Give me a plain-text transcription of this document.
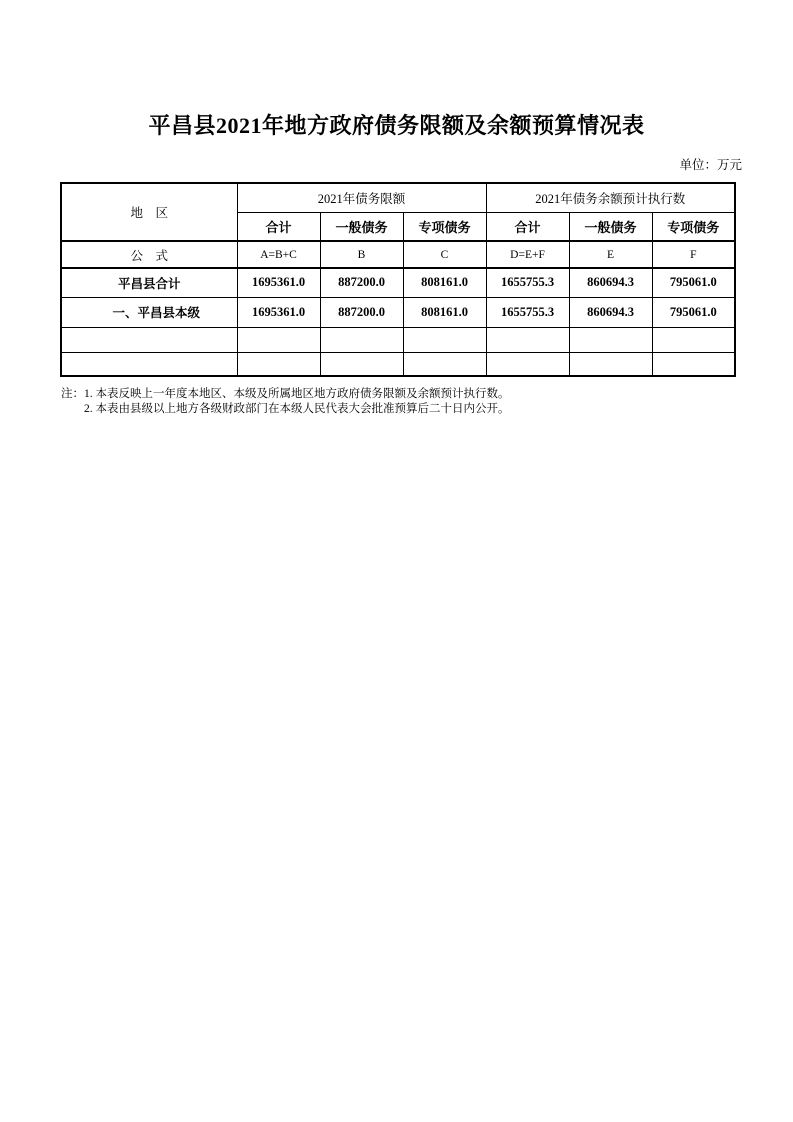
平昌县2021年地方政府债务限额及余额预算情况表
单位：万元
地　区	2021年债务限额			2021年债务余额预计执行数		
	合计	一般债务	专项债务	合计	一般债务	专项债务
公　式	A=B+C	B	C	D=E+F	E	F
平昌县合计	1695361.0	887200.0	808161.0	1655755.3	860694.3	795061.0
一、平昌县本级	1695361.0	887200.0	808161.0	1655755.3	860694.3	795061.0

注： 1. 本表反映上一年度本地区、本级及所属地区地方政府债务限额及余额预计执行数。
2. 本表由县级以上地方各级财政部门在本级人民代表大会批准预算后二十日内公开。
